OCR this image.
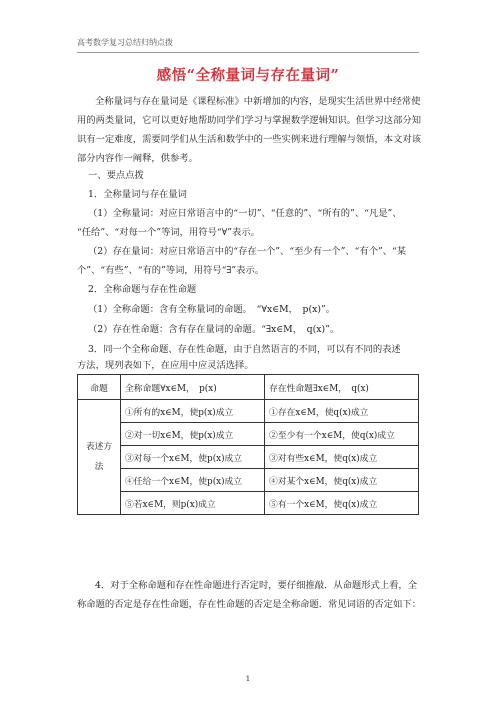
高考数学复习总结归纳点拨
感悟“全称量词与存在量词”
全称量词与存在量词是《课程标准》中新增加的内容，是现实生活世界中经常使用的两类量词，它可以更好地帮助同学们学习与掌握数学逻辑知识。但学习这部分知识有一定难度，需要同学们从生活和数学中的一些实例来进行理解与领悟，本文对该部分内容作一阐释，供参考。
一、要点点拨
1．全称量词与存在量词
（1）全称量词：对应日常语言中的“一切”、“任意的”、“所有的”、“凡是”、
“任给”、“对每一个”等词，用符号“∀”表示。
（2）存在量词：对应日常语言中的“存在一个”、“至少有一个”、“有个”、“某
个”、“有些”、“有的”等词，用符号“∃”表示。
2．全称命题与存在性命题
（1）全称命题：含有全称量词的命题。　“∀x∈M，　p(x)”。
（2）存在性命题：含有存在量词的命题。“∃x∈M，　q(x)”。
3．同一个全称命题、存在性命题，由于自然语言的不同，可以有不同的表述
命题	全称命题∀x∈M，　p(x)	存在性命题∃x∈M，　q(x)
表述方法	①所有的x∈M，使p(x)成立	①存在x∈M，使q(x)成立
	②对一切x∈M，使p(x)成立	②至少有一个x∈M，使q(x)成立
	③对每一个x∈M，使p(x)成立	③对有些x∈M，使q(x)成立
	④任给一个x∈M，使p(x)成立	④对某个x∈M，使q(x)成立
	⑤若x∈M，则p(x)成立	⑤有一个x∈M，使q(x)成立
方法，现列表如下，在应用中应灵活选择。
4．对于全称命题和存在性命题进行否定时，要仔细推敲．从命题形式上看，全称命题的否定是存在性命题，存在性命题的否定是全称命题．常见词语的否定如下：
1
